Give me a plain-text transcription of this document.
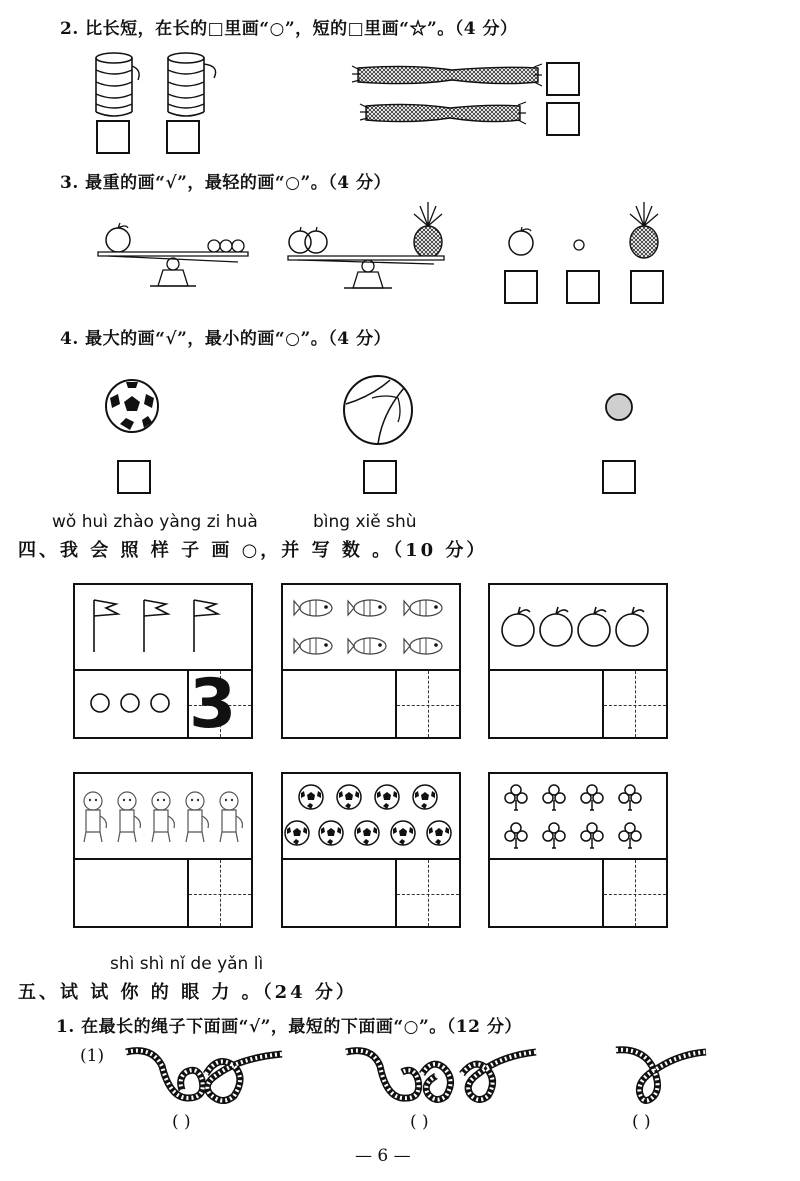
2. 比长短，在长的□里画“○”，短的□里画“☆”。（4 分）
3. 最重的画“√”，最轻的画“○”。（4 分）
4. 最大的画“√”，最小的画“○”。（4 分）
wǒ huì zhào yàng zi huà	bìng xiě shù
四、我 会 照 样 子 画 ○，并 写 数 。（10 分）
3
shì shì nǐ de yǎn lì
五、试 试 你 的 眼 力 。（24 分）
1. 在最长的绳子下面画“√”，最短的下面画“○”。（12 分）
(1)
( )	( )	( )
— 6 —
